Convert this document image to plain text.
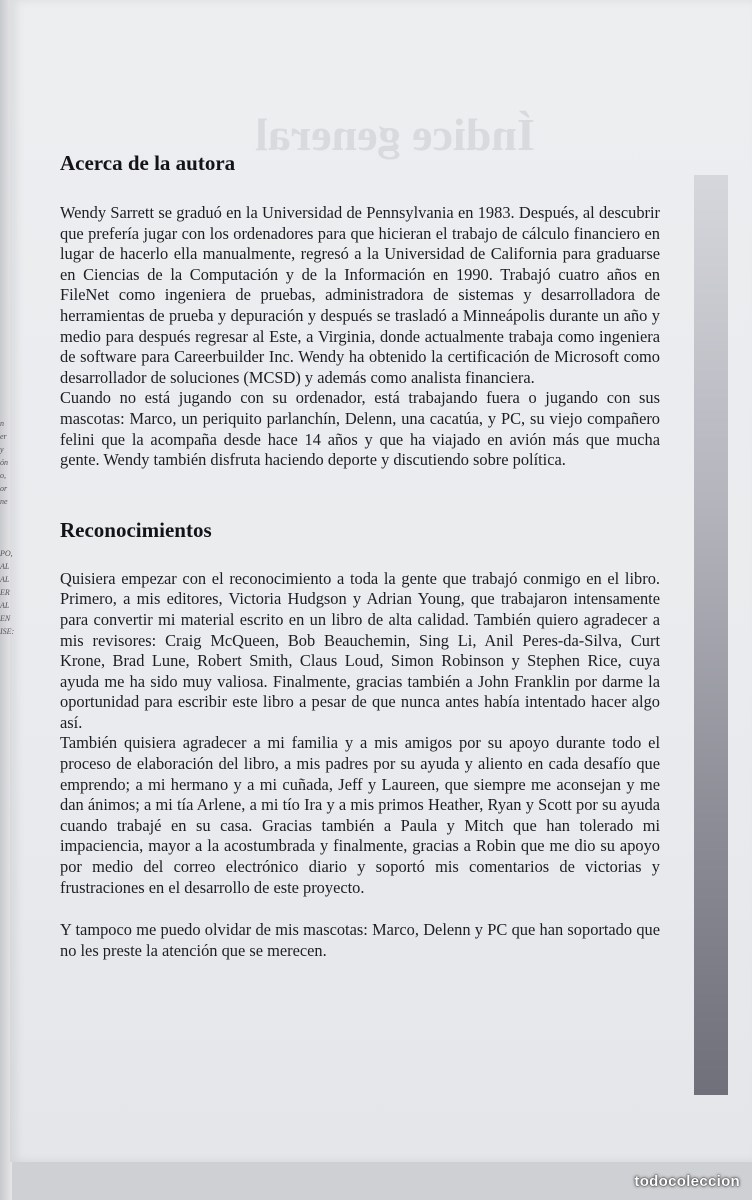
Índice general
n
er
y
ón
o,
or
ne
PO,
AL
AL
ER
AL
EN
ISE:
Acerca de la autora

Wendy Sarrett se graduó en la Universidad de Pennsylvania en 1983. Después, al descubrir que prefería jugar con los ordenadores para que hicieran el trabajo de cálculo financiero en lugar de hacerlo ella manualmente, regresó a la Universidad de California para graduarse en Ciencias de la Computación y de la Información en 1990. Trabajó cuatro años en FileNet como ingeniera de pruebas, administradora de sistemas y desarrolladora de herramientas de prueba y depuración y después se trasladó a Minneápolis durante un año y medio para después regresar al Este, a Virginia, donde actualmente trabaja como ingeniera de software para Careerbuilder Inc. Wendy ha obtenido la certificación de Microsoft como desarrollador de soluciones (MCSD) y además como analista financiera.

Cuando no está jugando con su ordenador, está trabajando fuera o jugando con sus mascotas: Marco, un periquito parlanchín, Delenn, una cacatúa, y PC, su viejo compañero felini que la acompaña desde hace 14 años y que ha viajado en avión más que mucha gente. Wendy también disfruta haciendo deporte y discutiendo sobre política.

Reconocimientos

Quisiera empezar con el reconocimiento a toda la gente que trabajó conmigo en el libro. Primero, a mis editores, Victoria Hudgson y Adrian Young, que trabajaron intensamente para convertir mi material escrito en un libro de alta calidad. También quiero agradecer a mis revisores: Craig McQueen, Bob Beauchemin, Sing Li, Anil Peres-da-Silva, Curt Krone, Brad Lune, Robert Smith, Claus Loud, Simon Robinson y Stephen Rice, cuya ayuda me ha sido muy valiosa. Finalmente, gracias también a John Franklin por darme la oportunidad para escribir este libro a pesar de que nunca antes había intentado hacer algo así.

También quisiera agradecer a mi familia y a mis amigos por su apoyo durante todo el proceso de elaboración del libro, a mis padres por su ayuda y aliento en cada desafío que emprendo; a mi hermano y a mi cuñada, Jeff y Laureen, que siempre me aconsejan y me dan ánimos; a mi tía Arlene, a mi tío Ira y a mis primos Heather, Ryan y Scott por su ayuda cuando trabajé en su casa. Gracias también a Paula y Mitch que han tolerado mi impaciencia, mayor a la acostumbrada y finalmente, gracias a Robin que me dio su apoyo por medio del correo electrónico diario y soportó mis comentarios de victorias y frustraciones en el desarrollo de este proyecto.

Y tampoco me puedo olvidar de mis mascotas: Marco, Delenn y PC que han soportado que no les preste la atención que se merecen.

todocoleccion
